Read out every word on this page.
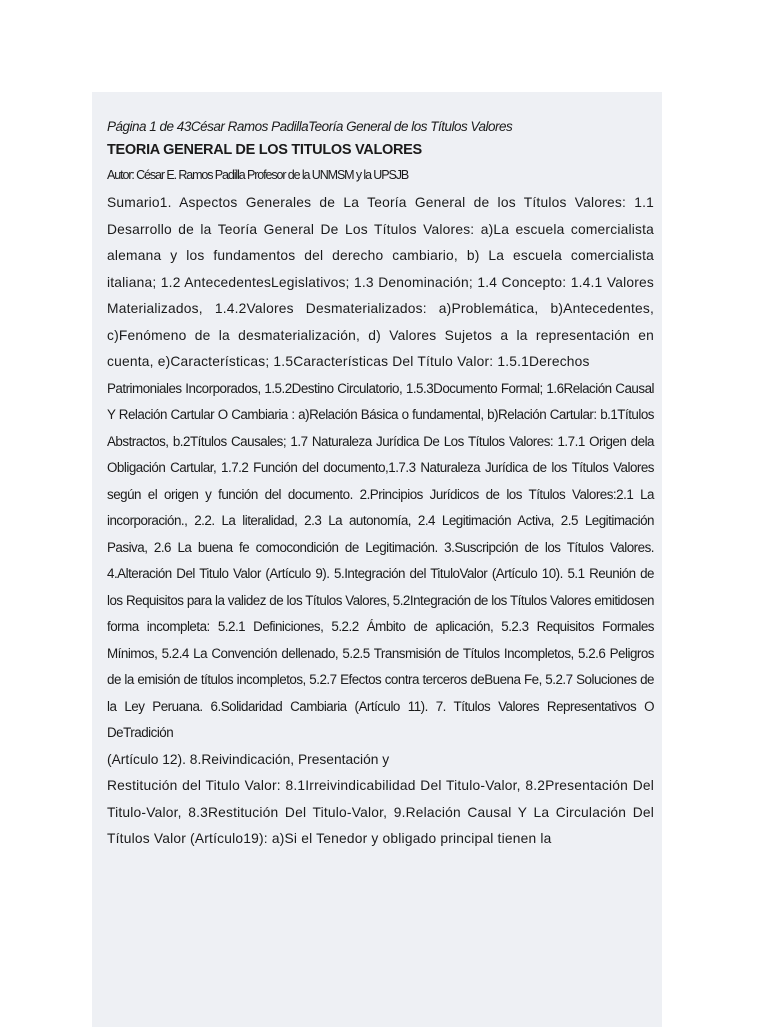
Página 1 de 43César Ramos PadillaTeoría General de los Títulos Valores
TEORIA GENERAL DE LOS TITULOS VALORES
Autor: César E. Ramos Padilla Profesor de la UNMSM y la UPSJB

Sumario1. Aspectos Generales de La Teoría General de los Títulos Valores: 1.1 Desarrollo de la Teoría General De Los Títulos Valores: a)La escuela comercialista alemana y los fundamentos del derecho cambiario, b) La escuela comercialista italiana; 1.2 AntecedentesLegislativos; 1.3 Denominación; 1.4 Concepto: 1.4.1 Valores Materializados, 1.4.2Valores Desmaterializados: a)Problemática, b)Antecedentes, c)Fenómeno de la desmaterialización, d) Valores Sujetos a la representación en cuenta, e)Características; 1.5Características Del Título Valor: 1.5.1Derechos

Patrimoniales Incorporados, 1.5.2Destino Circulatorio, 1.5.3Documento Formal; 1.6Relación Causal Y Relación Cartular O Cambiaria : a)Relación Básica o fundamental, b)Relación Cartular: b.1Títulos Abstractos, b.2Títulos Causales; 1.7 Naturaleza Jurídica De Los Títulos Valores: 1.7.1 Origen dela Obligación Cartular, 1.7.2 Función del documento,1.7.3 Naturaleza Jurídica de los Títulos Valores según el origen y función del documento. 2.Principios Jurídicos de los Títulos Valores:2.1 La incorporación., 2.2. La literalidad, 2.3 La autonomía, 2.4 Legitimación Activa, 2.5 Legitimación Pasiva, 2.6 La buena fe comocondición de Legitimación. 3.Suscripción de los Títulos Valores. 4.Alteración Del Titulo Valor (Artículo 9). 5.Integración del TituloValor (Artículo 10). 5.1 Reunión de los Requisitos para la validez de los Títulos Valores, 5.2Integración de los Títulos Valores emitidosen forma incompleta: 5.2.1 Definiciones, 5.2.2 Ámbito de aplicación, 5.2.3 Requisitos Formales Mínimos, 5.2.4 La Convención dellenado, 5.2.5 Transmisión de Títulos Incompletos, 5.2.6 Peligros de la emisión de títulos incompletos, 5.2.7 Efectos contra terceros deBuena Fe, 5.2.7 Soluciones de la Ley Peruana. 6.Solidaridad Cambiaria (Artículo 11). 7. Títulos Valores Representativos O DeTradición

(Artículo 12). 8.Reivindicación, Presentación y

Restitución del Titulo Valor: 8.1Irreivindicabilidad Del Titulo-Valor, 8.2Presentación Del Titulo-Valor, 8.3Restitución Del Titulo-Valor, 9.Relación Causal Y La Circulación Del Títulos Valor (Artículo19): a)Si el Tenedor y obligado principal tienen la
